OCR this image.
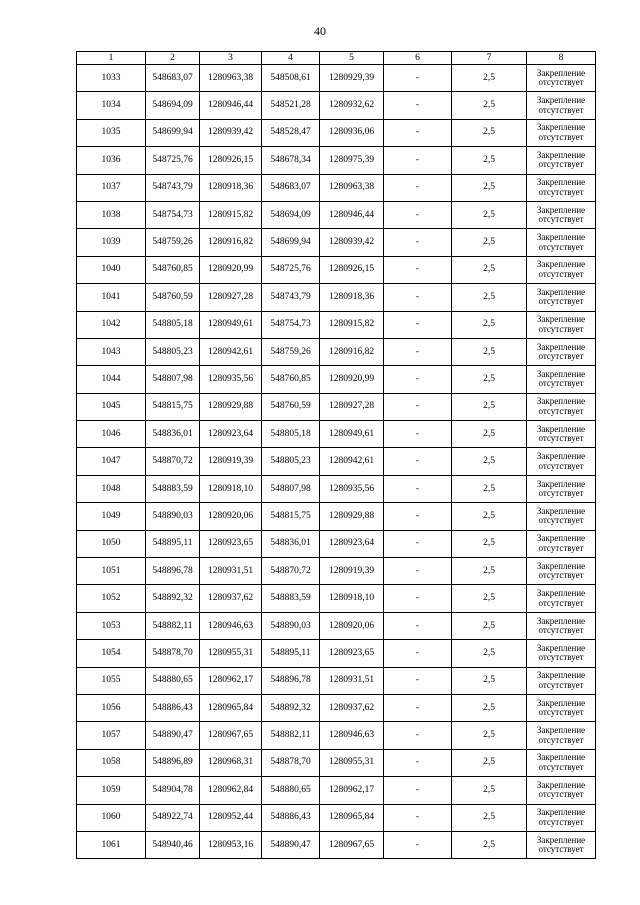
40
1	2	3	4	5	6	7	8
1033	548683,07	1280963,38	548508,61	1280929,39	-	2,5	Закрепление отсутствует
1034	548694,09	1280946,44	548521,28	1280932,62	-	2,5	Закрепление отсутствует
1035	548699,94	1280939,42	548528,47	1280936,06	-	2,5	Закрепление отсутствует
1036	548725,76	1280926,15	548678,34	1280975,39	-	2,5	Закрепление отсутствует
1037	548743,79	1280918,36	548683,07	1280963,38	-	2,5	Закрепление отсутствует
1038	548754,73	1280915,82	548694,09	1280946,44	-	2,5	Закрепление отсутствует
1039	548759,26	1280916,82	548699,94	1280939,42	-	2,5	Закрепление отсутствует
1040	548760,85	1280920,99	548725,76	1280926,15	-	2,5	Закрепление отсутствует
1041	548760,59	1280927,28	548743,79	1280918,36	-	2,5	Закрепление отсутствует
1042	548805,18	1280949,61	548754,73	1280915,82	-	2,5	Закрепление отсутствует
1043	548805,23	1280942,61	548759,26	1280916,82	-	2,5	Закрепление отсутствует
1044	548807,98	1280935,56	548760,85	1280920,99	-	2,5	Закрепление отсутствует
1045	548815,75	1280929,88	548760,59	1280927,28	-	2,5	Закрепление отсутствует
1046	548836,01	1280923,64	548805,18	1280949,61	-	2,5	Закрепление отсутствует
1047	548870,72	1280919,39	548805,23	1280942,61	-	2,5	Закрепление отсутствует
1048	548883,59	1280918,10	548807,98	1280935,56	-	2,5	Закрепление отсутствует
1049	548890,03	1280920,06	548815,75	1280929,88	-	2,5	Закрепление отсутствует
1050	548895,11	1280923,65	548836,01	1280923,64	-	2,5	Закрепление отсутствует
1051	548896,78	1280931,51	548870,72	1280919,39	-	2,5	Закрепление отсутствует
1052	548892,32	1280937,62	548883,59	1280918,10	-	2,5	Закрепление отсутствует
1053	548882,11	1280946,63	548890,03	1280920,06	-	2,5	Закрепление отсутствует
1054	548878,70	1280955,31	548895,11	1280923,65	-	2,5	Закрепление отсутствует
1055	548880,65	1280962,17	548896,78	1280931,51	-	2,5	Закрепление отсутствует
1056	548886,43	1280965,84	548892,32	1280937,62	-	2,5	Закрепление отсутствует
1057	548890,47	1280967,65	548882,11	1280946,63	-	2,5	Закрепление отсутствует
1058	548896,89	1280968,31	548878,70	1280955,31	-	2,5	Закрепление отсутствует
1059	548904,78	1280962,84	548880,65	1280962,17	-	2,5	Закрепление отсутствует
1060	548922,74	1280952,44	548886,43	1280965,84	-	2,5	Закрепление отсутствует
1061	548940,46	1280953,16	548890,47	1280967,65	-	2,5	Закрепление отсутствует
